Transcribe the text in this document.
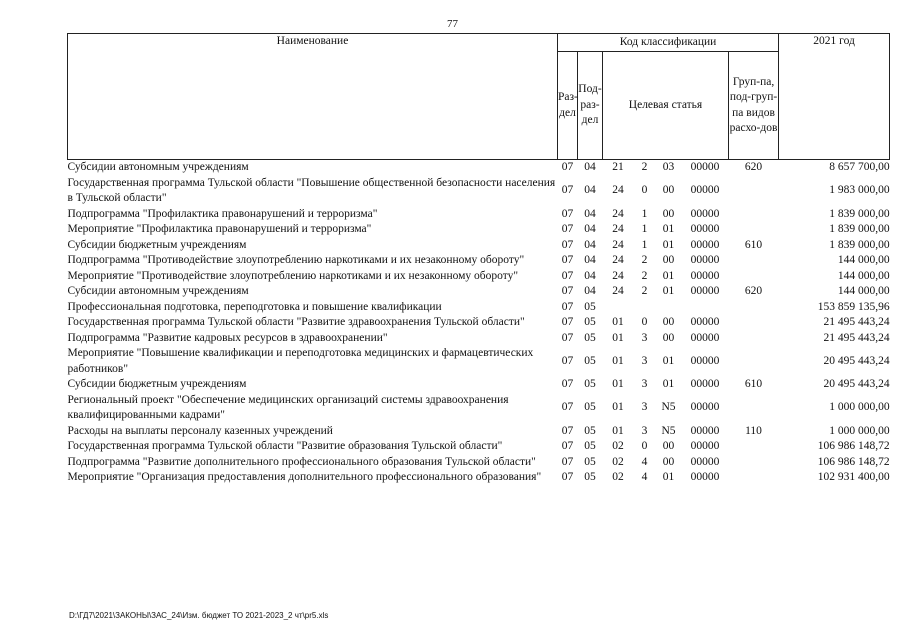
77
Наименование	Код классификации							2021 год
	Раз-дел	Под-раз-дел	Целевая статья				Груп-па, под-груп-па видов расхо-дов	
Субсидии автономным учреждениям	07	04	21	2	03	00000	620	8 657 700,00
Государственная программа Тульской области "Повышение общественной безопасности населения в Тульской области"	07	04	24	0	00	00000		1 983 000,00
Подпрограмма "Профилактика правонарушений и терроризма"	07	04	24	1	00	00000		1 839 000,00
Мероприятие "Профилактика правонарушений и терроризма"	07	04	24	1	01	00000		1 839 000,00
Субсидии бюджетным учреждениям	07	04	24	1	01	00000	610	1 839 000,00
Подпрограмма "Противодействие злоупотреблению наркотиками и их незаконному обороту"	07	04	24	2	00	00000		144 000,00
Мероприятие "Противодействие злоупотреблению наркотиками и их незаконному обороту"	07	04	24	2	01	00000		144 000,00
Субсидии автономным учреждениям	07	04	24	2	01	00000	620	144 000,00
Профессиональная подготовка, переподготовка и повышение квалификации	07	05						153 859 135,96
Государственная программа Тульской области "Развитие здравоохранения Тульской области"	07	05	01	0	00	00000		21 495 443,24
Подпрограмма "Развитие кадровых ресурсов в здравоохранении"	07	05	01	3	00	00000		21 495 443,24
Мероприятие "Повышение квалификации и переподготовка медицинских и фармацевтических работников"	07	05	01	3	01	00000		20 495 443,24
Субсидии бюджетным учреждениям	07	05	01	3	01	00000	610	20 495 443,24
Региональный проект "Обеспечение медицинских организаций системы здравоохранения квалифицированными кадрами"	07	05	01	3	N5	00000		1 000 000,00
Расходы на выплаты персоналу казенных учреждений	07	05	01	3	N5	00000	110	1 000 000,00
Государственная программа Тульской области "Развитие образования Тульской области"	07	05	02	0	00	00000		106 986 148,72
Подпрограмма "Развитие дополнительного профессионального образования Тульской области"	07	05	02	4	00	00000		106 986 148,72
Мероприятие "Организация предоставления дополнительного профессионального образования"	07	05	02	4	01	00000		102 931 400,00
D:\ГД7\2021\ЗАКОНЫ\ЗАС_24\Изм. бюджет ТО 2021-2023_2 чт\pr5.xls
